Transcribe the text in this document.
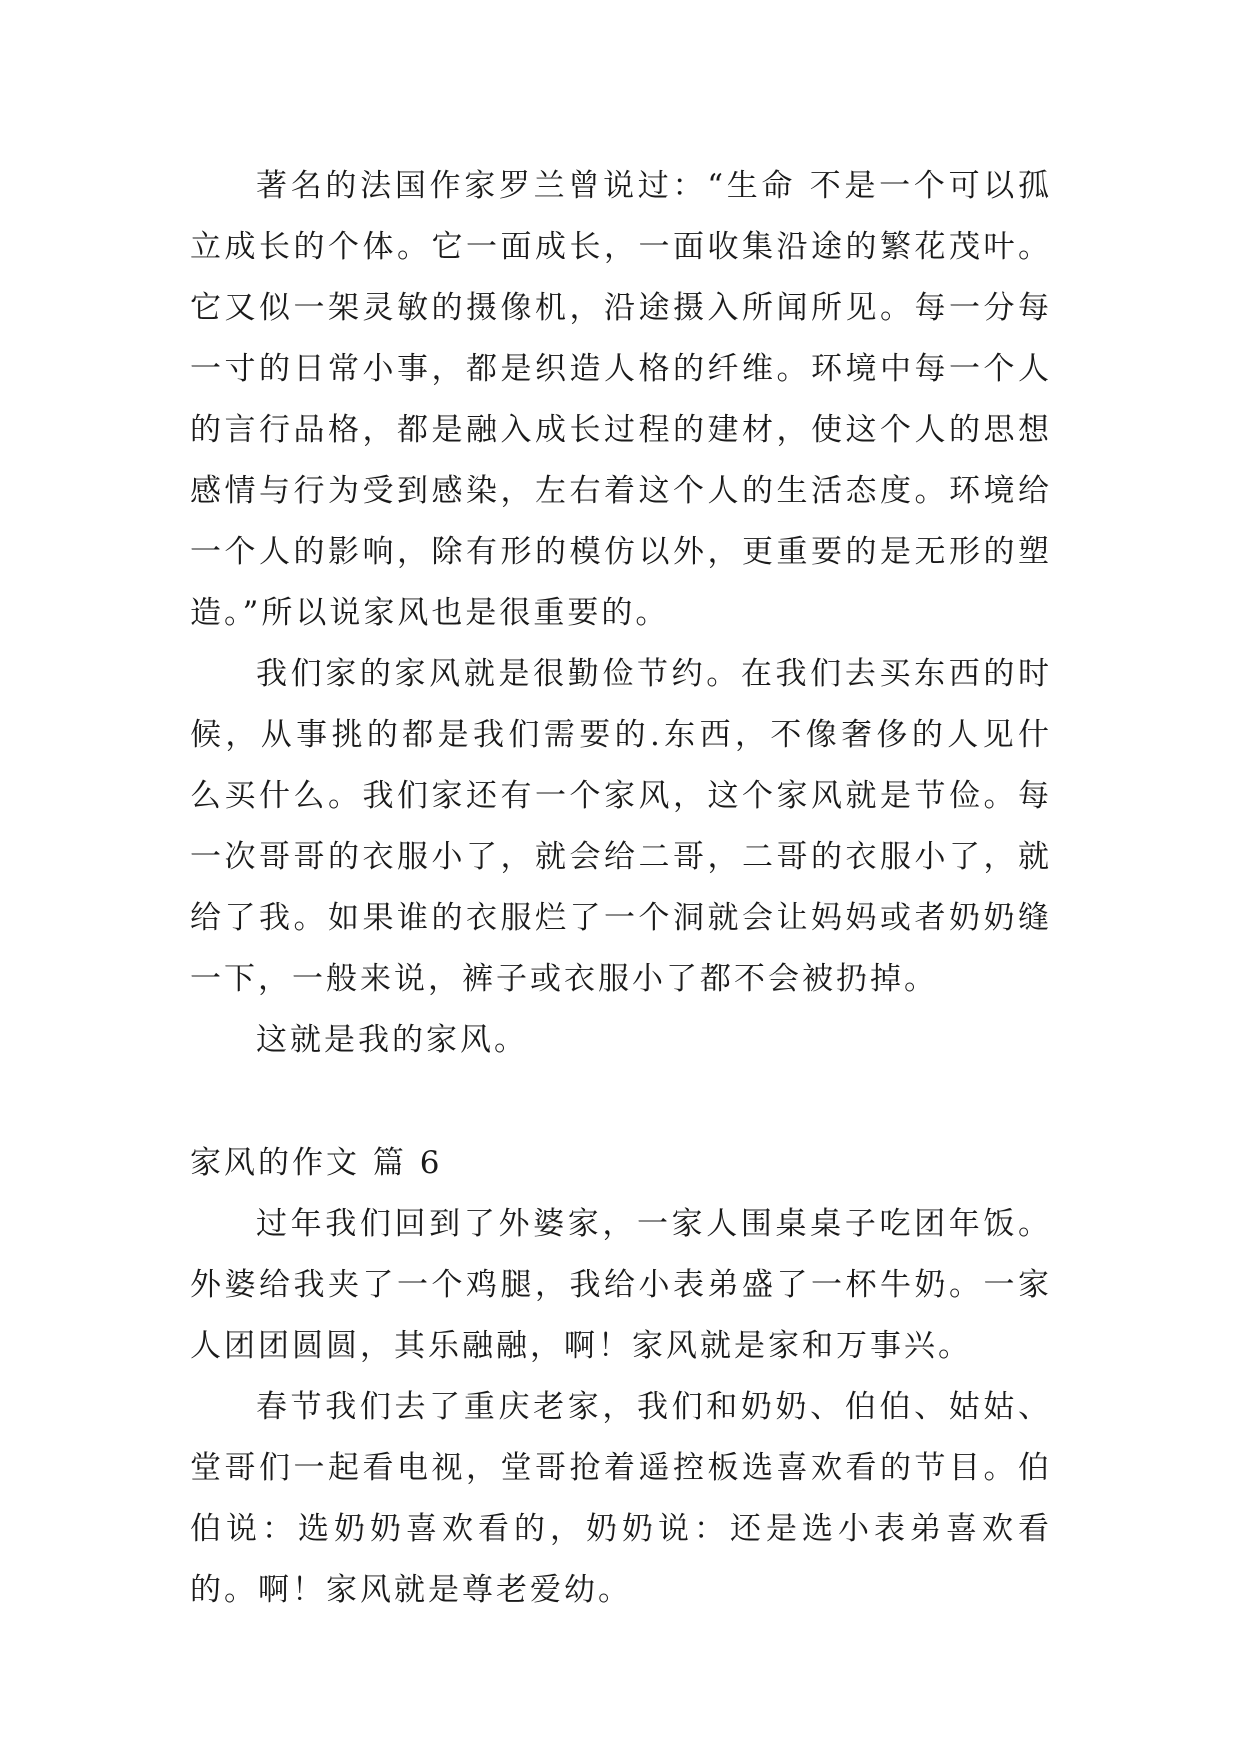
著名的法国作家罗兰曾说过：“生命 不是一个可以孤立成长的个体。它一面成长，一面收集沿途的繁花茂叶。它又似一架灵敏的摄像机，沿途摄入所闻所见。每一分每一寸的日常小事，都是织造人格的纤维。环境中每一个人的言行品格，都是融入成长过程的建材，使这个人的思想感情与行为受到感染，左右着这个人的生活态度。环境给一个人的影响，除有形的模仿以外，更重要的是无形的塑造。”所以说家风也是很重要的。

我们家的家风就是很勤俭节约。在我们去买东西的时候，从事挑的都是我们需要的.东西，不像奢侈的人见什么买什么。我们家还有一个家风，这个家风就是节俭。每一次哥哥的衣服小了，就会给二哥，二哥的衣服小了，就给了我。如果谁的衣服烂了一个洞就会让妈妈或者奶奶缝一下，一般来说，裤子或衣服小了都不会被扔掉。

这就是我的家风。

家风的作文 篇 6

过年我们回到了外婆家，一家人围桌桌子吃团年饭。外婆给我夹了一个鸡腿，我给小表弟盛了一杯牛奶。一家人团团圆圆，其乐融融，啊！家风就是家和万事兴。

春节我们去了重庆老家，我们和奶奶、伯伯、姑姑、堂哥们一起看电视，堂哥抢着遥控板选喜欢看的节目。伯伯说：选奶奶喜欢看的，奶奶说：还是选小表弟喜欢看的。啊！家风就是尊老爱幼。
